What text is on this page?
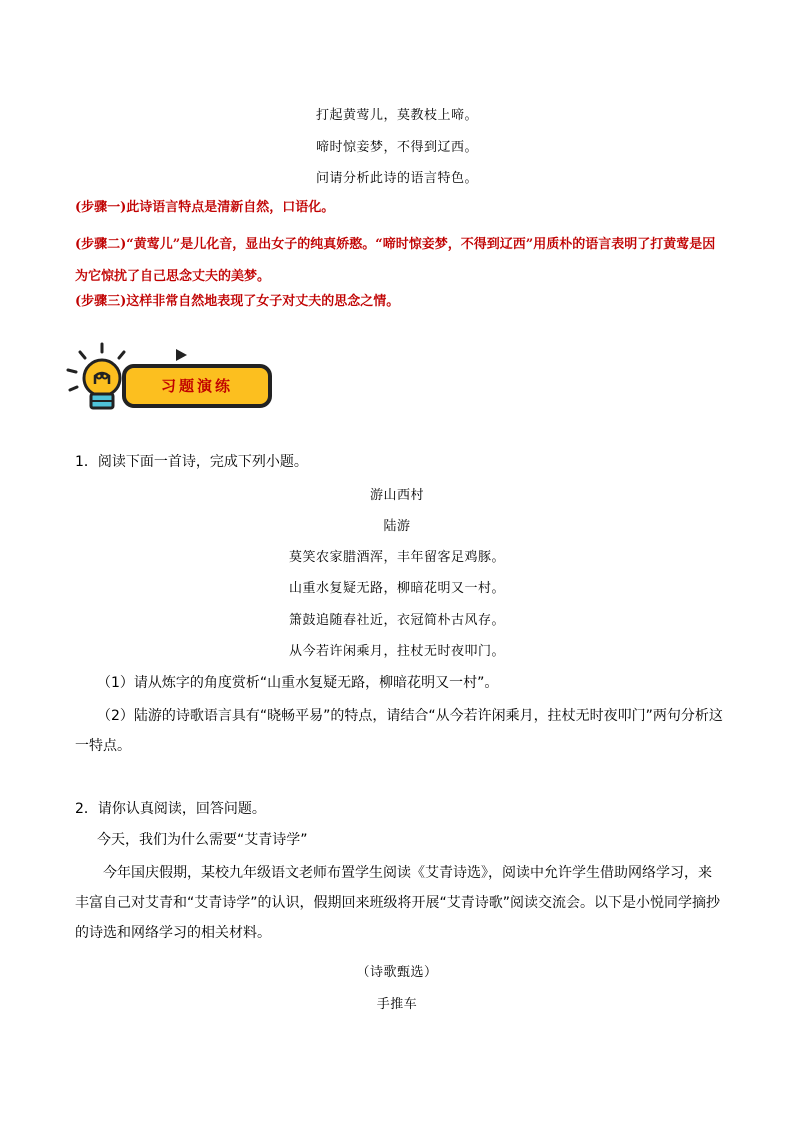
打起黄莺儿，莫教枝上啼。
啼时惊妾梦，不得到辽西。
问请分析此诗的语言特色。
(步骤一)此诗语言特点是清新自然，口语化。
(步骤二)“黄莺儿”是儿化音，显出女子的纯真娇憨。“啼时惊妾梦，不得到辽西”用质朴的语言表明了打黄莺是因为它惊扰了自己思念丈夫的美梦。
(步骤三)这样非常自然地表现了女子对丈夫的思念之情。
习题演练
1．阅读下面一首诗，完成下列小题。
游山西村
陆游
莫笑农家腊酒浑，丰年留客足鸡豚。
山重水复疑无路，柳暗花明又一村。
箫鼓追随春社近，衣冠简朴古风存。
从今若许闲乘月，拄杖无时夜叩门。
（1）请从炼字的角度赏析“山重水复疑无路，柳暗花明又一村”。
（2）陆游的诗歌语言具有“晓畅平易”的特点，请结合“从今若许闲乘月，拄杖无时夜叩门”两句分析这一特点。
2．请你认真阅读，回答问题。
今天，我们为什么需要“艾青诗学”
今年国庆假期，某校九年级语文老师布置学生阅读《艾青诗选》，阅读中允许学生借助网络学习，来丰富自己对艾青和“艾青诗学”的认识，假期回来班级将开展“艾青诗歌”阅读交流会。以下是小悦同学摘抄的诗选和网络学习的相关材料。
（诗歌甄选）
手推车
